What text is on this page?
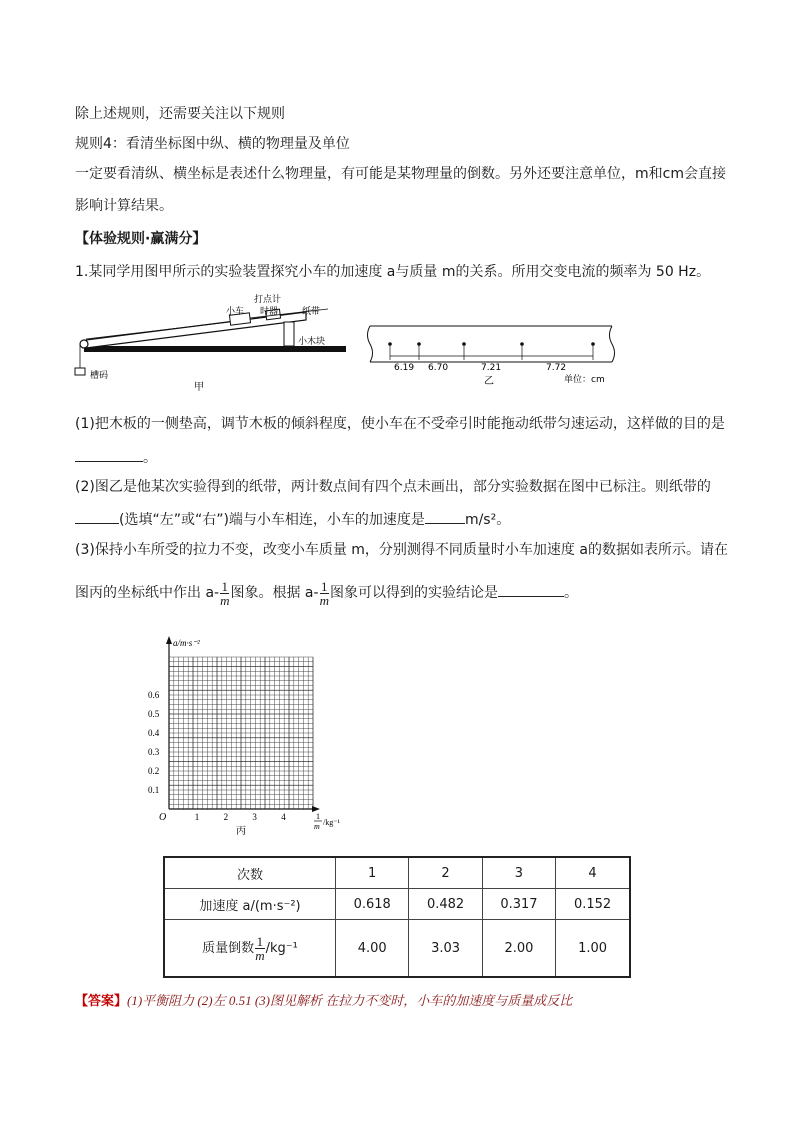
除上述规则，还需要关注以下规则
规则4：看清坐标图中纵、横的物理量及单位
一定要看清纵、横坐标是表述什么物理量，有可能是某物理量的倒数。另外还要注意单位，m和cm会直接
影响计算结果。
【体验规则·赢满分】
1.某同学用图甲所示的实验装置探究小车的加速度 a与质量 m的关系。所用交变电流的频率为 50 Hz。
打点计
时器
小车	纸带
小木块
槽码
甲
6.19 6.70	7.21	7.72
乙	单位：cm
(1)把木板的一侧垫高，调节木板的倾斜程度，使小车在不受牵引时能拖动纸带匀速运动，这样做的目的是
。
(2)图乙是他某次实验得到的纸带，两计数点间有四个点未画出，部分实验数据在图中已标注。则纸带的
(选填“左”或“右”)端与小车相连，小车的加速度是	m/s²。
(3)保持小车所受的拉力不变，改变小车质量 m，分别测得不同质量时小车加速度 a的数据如表所示。请在
图丙的坐标纸中作出 $a- \frac{1}{m}$ 图象。根据 $a- \frac{1}{m}$ 图象可以得到的实验结论是	。
a/m·s⁻²
O	1
m /kg⁻¹
0.1
0.2
0.3
0.4
0.5
0.6
1	2	3	4
丙
次数	1	2	3	4
加速度 a/(m·s⁻²)	0.618	0.482	0.317	0.152
质量倒数 $\frac{1}{m} /kg^{-1}$	4.00	3.03	2.00	1.00
【答案】(1)平衡阻力 (2)左 0.51 (3)图见解析 在拉力不变时，小车的加速度与质量成反比
